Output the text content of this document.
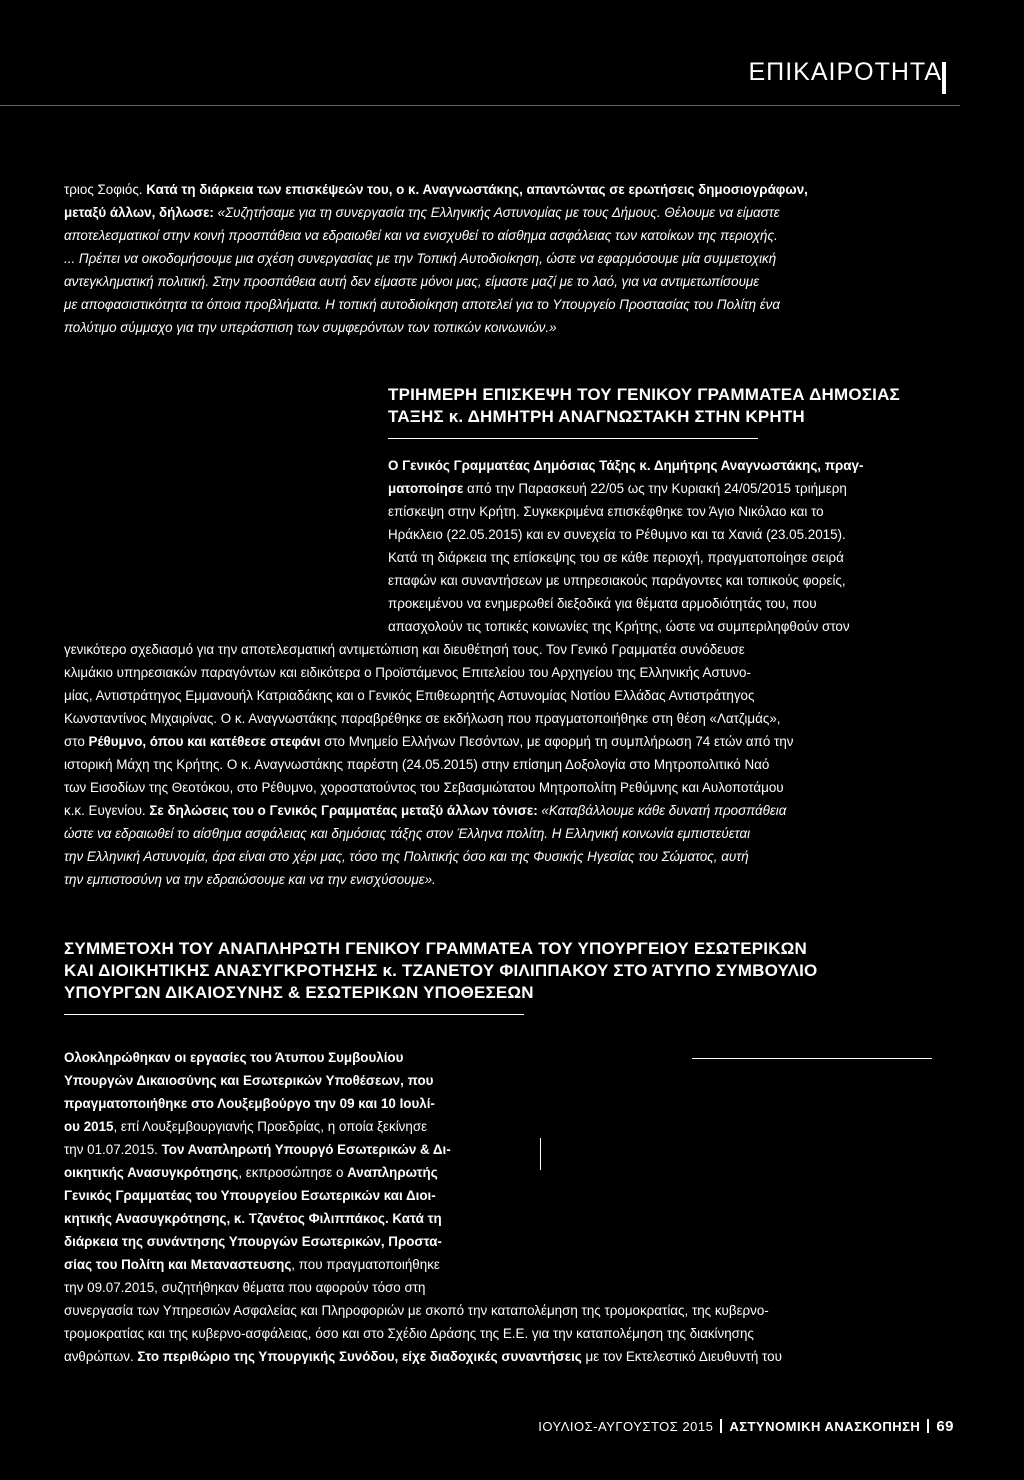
ΕΠΙΚΑΙΡΟΤΗΤΑ

τριος Σοφιός. Κατά τη διάρκεια των επισκέψεών του, ο κ. Αναγνωστάκης, απαντώντας σε ερωτήσεις δημοσιογράφων,

μεταξύ άλλων, δήλωσε: «Συζητήσαμε για τη συνεργασία της Ελληνικής Αστυνομίας με τους Δήμους. Θέλουμε να είμαστε

αποτελεσματικοί στην κοινή προσπάθεια να εδραιωθεί και να ενισχυθεί το αίσθημα ασφάλειας των κατοίκων της περιοχής.

... Πρέπει να οικοδομήσουμε μια σχέση συνεργασίας με την Τοπική Αυτοδιοίκηση, ώστε να εφαρμόσουμε μία συμμετοχική

αντεγκληματική πολιτική. Στην προσπάθεια αυτή δεν είμαστε μόνοι μας, είμαστε μαζί με το λαό, για να αντιμετωπίσουμε

με αποφασιστικότητα τα όποια προβλήματα. Η τοπική αυτοδιοίκηση αποτελεί για το Υπουργείο Προστασίας του Πολίτη ένα

πολύτιμο σύμμαχο για την υπεράσπιση των συμφερόντων των τοπικών κοινωνιών.»

ΤΡΙΗΜΕΡΗ ΕΠΙΣΚΕΨΗ ΤΟΥ ΓΕΝΙΚΟΥ ΓΡΑΜΜΑΤΕΑ ΔΗΜΟΣΙΑΣ
ΤΑΞΗΣ κ. ΔΗΜΗΤΡΗ ΑΝΑΓΝΩΣΤΑΚΗ ΣΤΗΝ ΚΡΗΤΗ

Ο Γενικός Γραμματέας Δημόσιας Τάξης κ. Δημήτρης Αναγνωστάκης, πραγ-

ματοποίησε από την Παρασκευή 22/05 ως την Κυριακή 24/05/2015 τριήμερη

επίσκεψη στην Κρήτη. Συγκεκριμένα επισκέφθηκε τον Άγιο Νικόλαο και το

Ηράκλειο (22.05.2015) και εν συνεχεία το Ρέθυμνο και τα Χανιά (23.05.2015).

Κατά τη διάρκεια της επίσκεψης του σε κάθε περιοχή, πραγματοποίησε σειρά

επαφών και συναντήσεων με υπηρεσιακούς παράγοντες και τοπικούς φορείς,

προκειμένου να ενημερωθεί διεξοδικά για θέματα αρμοδιότητάς του, που

απασχολούν τις τοπικές κοινωνίες της Κρήτης, ώστε να συμπεριληφθούν στον

γενικότερο σχεδιασμό για την αποτελεσματική αντιμετώπιση και διευθέτησή τους. Τον Γενικό Γραμματέα συνόδευσε

κλιμάκιο υπηρεσιακών παραγόντων και ειδικότερα ο Προϊστάμενος Επιτελείου του Αρχηγείου της Ελληνικής Αστυνο-

μίας, Αντιστράτηγος Εμμανουήλ Κατριαδάκης και ο Γενικός Επιθεωρητής Αστυνομίας Νοτίου Ελλάδας Αντιστράτηγος

Κωνσταντίνος Μιχαιρίνας. Ο κ. Αναγνωστάκης παραβρέθηκε σε εκδήλωση που πραγματοποιήθηκε στη θέση «Λατζιμάς»,

στο Ρέθυμνο, όπου και κατέθεσε στεφάνι στο Μνημείο Ελλήνων Πεσόντων, με αφορμή τη συμπλήρωση 74 ετών από την

ιστορική Μάχη της Κρήτης. Ο κ. Αναγνωστάκης παρέστη (24.05.2015) στην επίσημη Δοξολογία στο Μητροπολιτικό Ναό

των Εισοδίων της Θεοτόκου, στο Ρέθυμνο, χοροστατούντος του Σεβασμιώτατου Μητροπολίτη Ρεθύμνης και Αυλοποτάμου

κ.κ. Ευγενίου. Σε δηλώσεις του ο Γενικός Γραμματέας μεταξύ άλλων τόνισε: «Καταβάλλουμε κάθε δυνατή προσπάθεια

ώστε να εδραιωθεί το αίσθημα ασφάλειας και δημόσιας τάξης στον Έλληνα πολίτη. Η Ελληνική κοινωνία εμπιστεύεται

την Ελληνική Αστυνομία, άρα είναι στο χέρι μας, τόσο της Πολιτικής όσο και της Φυσικής Ηγεσίας του Σώματος, αυτή

την εμπιστοσύνη να την εδραιώσουμε και να την ενισχύσουμε».

ΣΥΜΜΕΤΟΧΗ ΤΟΥ ΑΝΑΠΛΗΡΩΤΗ ΓΕΝΙΚΟΥ ΓΡΑΜΜΑΤΕΑ ΤΟΥ ΥΠΟΥΡΓΕΙΟΥ ΕΣΩΤΕΡΙΚΩΝ
ΚΑΙ ΔΙΟΙΚΗΤΙΚΗΣ ΑΝΑΣΥΓΚΡΟΤΗΣΗΣ κ. ΤΖΑΝΕΤΟΥ ΦΙΛΙΠΠΑΚΟΥ ΣΤΟ ΆΤΥΠΟ ΣΥΜΒΟΥΛΙΟ
ΥΠΟΥΡΓΩΝ ΔΙΚΑΙΟΣΥΝΗΣ & ΕΣΩΤΕΡΙΚΩΝ ΥΠΟΘΕΣΕΩΝ

Ολοκληρώθηκαν οι εργασίες του Άτυπου Συμβουλίου

Υπουργών Δικαιοσύνης και Εσωτερικών Υποθέσεων, που

πραγματοποιήθηκε στο Λουξεμβούργο την 09 και 10 Ιουλί-

ου 2015, επί Λουξεμβουργιανής Προεδρίας, η οποία ξεκίνησε

την 01.07.2015. Τον Αναπληρωτή Υπουργό Εσωτερικών & Δι-

οικητικής Ανασυγκρότησης, εκπροσώπησε ο Αναπληρωτής

Γενικός Γραμματέας του Υπουργείου Εσωτερικών και Διοι-

κητικής Ανασυγκρότησης, κ. Τζανέτος Φιλιππάκος. Κατά τη

διάρκεια της συνάντησης Υπουργών Εσωτερικών, Προστα-

σίας του Πολίτη και Μεταναστευσης, που πραγματοποιήθηκε

την 09.07.2015, συζητήθηκαν θέματα που αφορούν τόσο στη

συνεργασία των Υπηρεσιών Ασφαλείας και Πληροφοριών με σκοπό την καταπολέμηση της τρομοκρατίας, της κυβερνο-

τρομοκρατίας και της κυβερνο-ασφάλειας, όσο και στο Σχέδιο Δράσης της Ε.Ε. για την καταπολέμηση της διακίνησης

ανθρώπων. Στο περιθώριο της Υπουργικής Συνόδου, είχε διαδοχικές συναντήσεις με τον Εκτελεστικό Διευθυντή του

ΙΟΥΛΙΟΣ-ΑΥΓΟΥΣΤΟΣ 2015 ΑΣΤΥΝΟΜΙΚΗ ΑΝΑΣΚΟΠΗΣΗ 69
